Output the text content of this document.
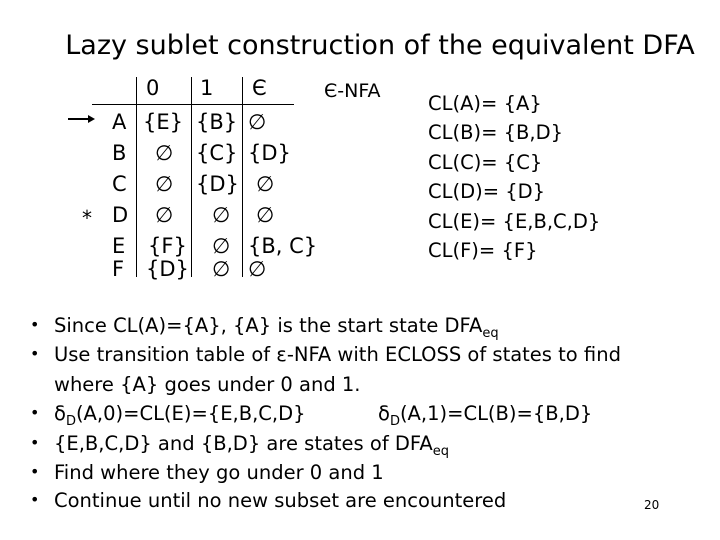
Lazy sublet construction of the equivalent DFA
0 1 Є
A {E} {B} ∅
B ∅ {C} {D}
C ∅ {D} ∅
D ∅ ∅ ∅
E {F} ∅ {B, C}
F {D} ∅ ∅
*
Є-NFA
CL(A)= {A}
CL(B)= {B,D}
CL(C)= {C}
CL(D)= {D}
CL(E)= {E,B,C,D}
CL(F)= {F}
• Since CL(A)={A}, {A} is the start state $DFA_{eq}$
• Use transition table of ε-NFA with ECLOSS of states to find
where {A} goes under 0 and 1.
• $\delta_D(A,0)=CL(E)=\{E,B,C,D\}$	$\delta_D(A,1)=CL(B)=\{B,D\}$
• {E,B,C,D} and {B,D} are states of $DFA_{eq}$
• Find where they go under 0 and 1
• Continue until no new subset are encountered	20
